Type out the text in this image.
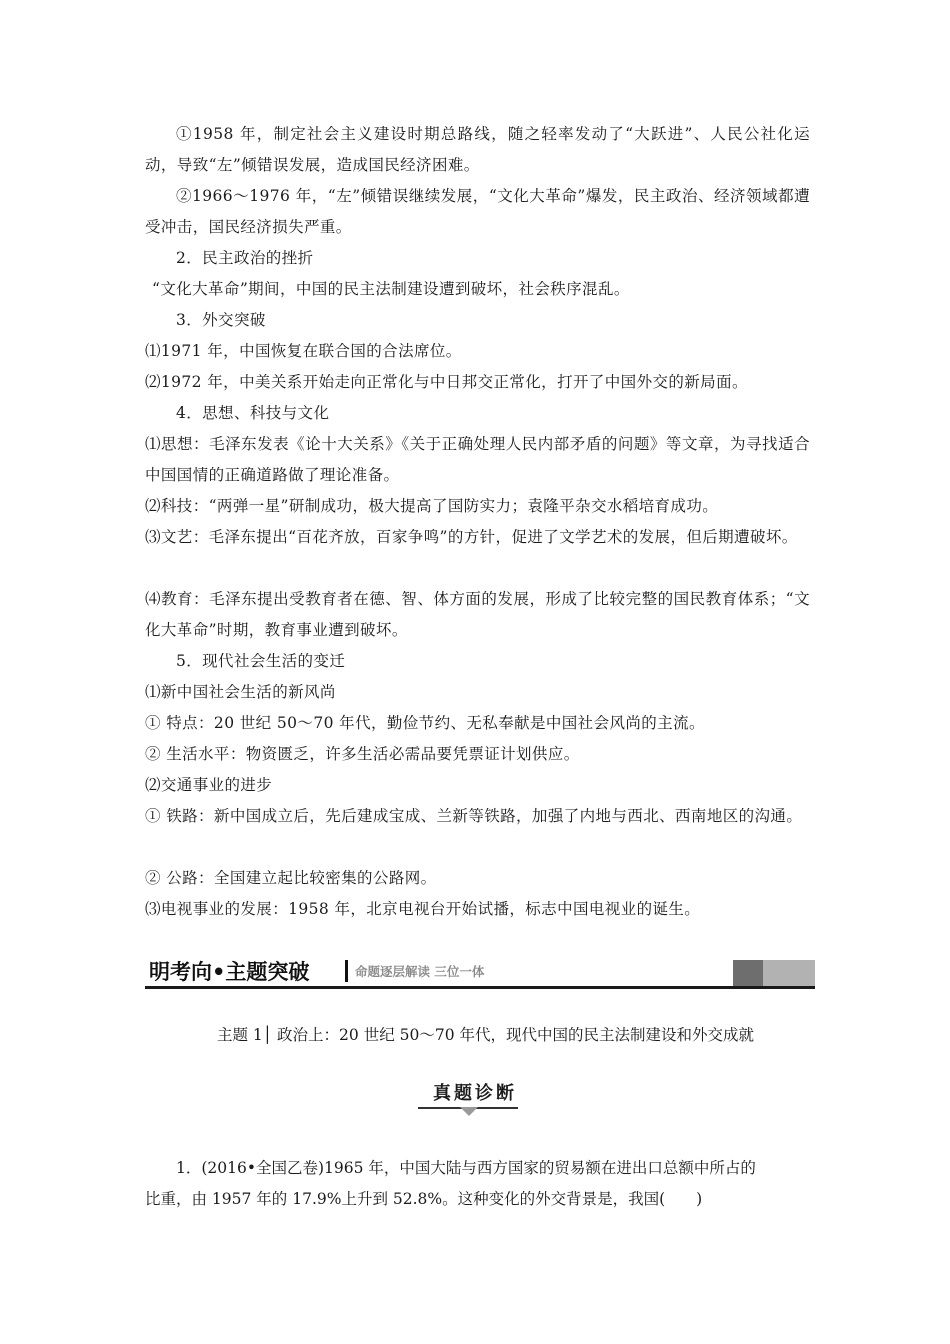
①1958 年，制定社会主义建设时期总路线，随之轻率发动了“大跃进”、人民公社化运动，导致“左”倾错误发展，造成国民经济困难。

②1966～1976 年，“左”倾错误继续发展，“文化大革命”爆发，民主政治、经济领域都遭受冲击，国民经济损失严重。

2．民主政治的挫折

“文化大革命”期间，中国的民主法制建设遭到破坏，社会秩序混乱。

3．外交突破

⑴1971 年，中国恢复在联合国的合法席位。

⑵1972 年，中美关系开始走向正常化与中日邦交正常化，打开了中国外交的新局面。

4．思想、科技与文化

⑴思想：毛泽东发表《论十大关系》《关于正确处理人民内部矛盾的问题》等文章，为寻找适合中国国情的正确道路做了理论准备。

⑵科技：“两弹一星”研制成功，极大提高了国防实力；袁隆平杂交水稻培育成功。

⑶文艺：毛泽东提出“百花齐放，百家争鸣”的方针，促进了文学艺术的发展，但后期遭破坏。

⑷教育：毛泽东提出受教育者在德、智、体方面的发展，形成了比较完整的国民教育体系；“文化大革命”时期，教育事业遭到破坏。

5．现代社会生活的变迁

⑴新中国社会生活的新风尚

① 特点：20 世纪 50～70 年代，勤俭节约、无私奉献是中国社会风尚的主流。

② 生活水平：物资匮乏，许多生活必需品要凭票证计划供应。

⑵交通事业的进步

① 铁路：新中国成立后，先后建成宝成、兰新等铁路，加强了内地与西北、西南地区的沟通。

② 公路：全国建立起比较密集的公路网。

⑶电视事业的发展：1958 年，北京电视台开始试播，标志中国电视业的诞生。

明考向•主题突破	命题逐层解读 三位一体
主题 1│ 政治上：20 世纪 50～70 年代，现代中国的民主法制建设和外交成就
真题诊断
1．(2016•全国乙卷)1965 年，中国大陆与西方国家的贸易额在进出口总额中所占的
比重，由 1957 年的 17.9%上升到 52.8%。这种变化的外交背景是，我国(　　)
